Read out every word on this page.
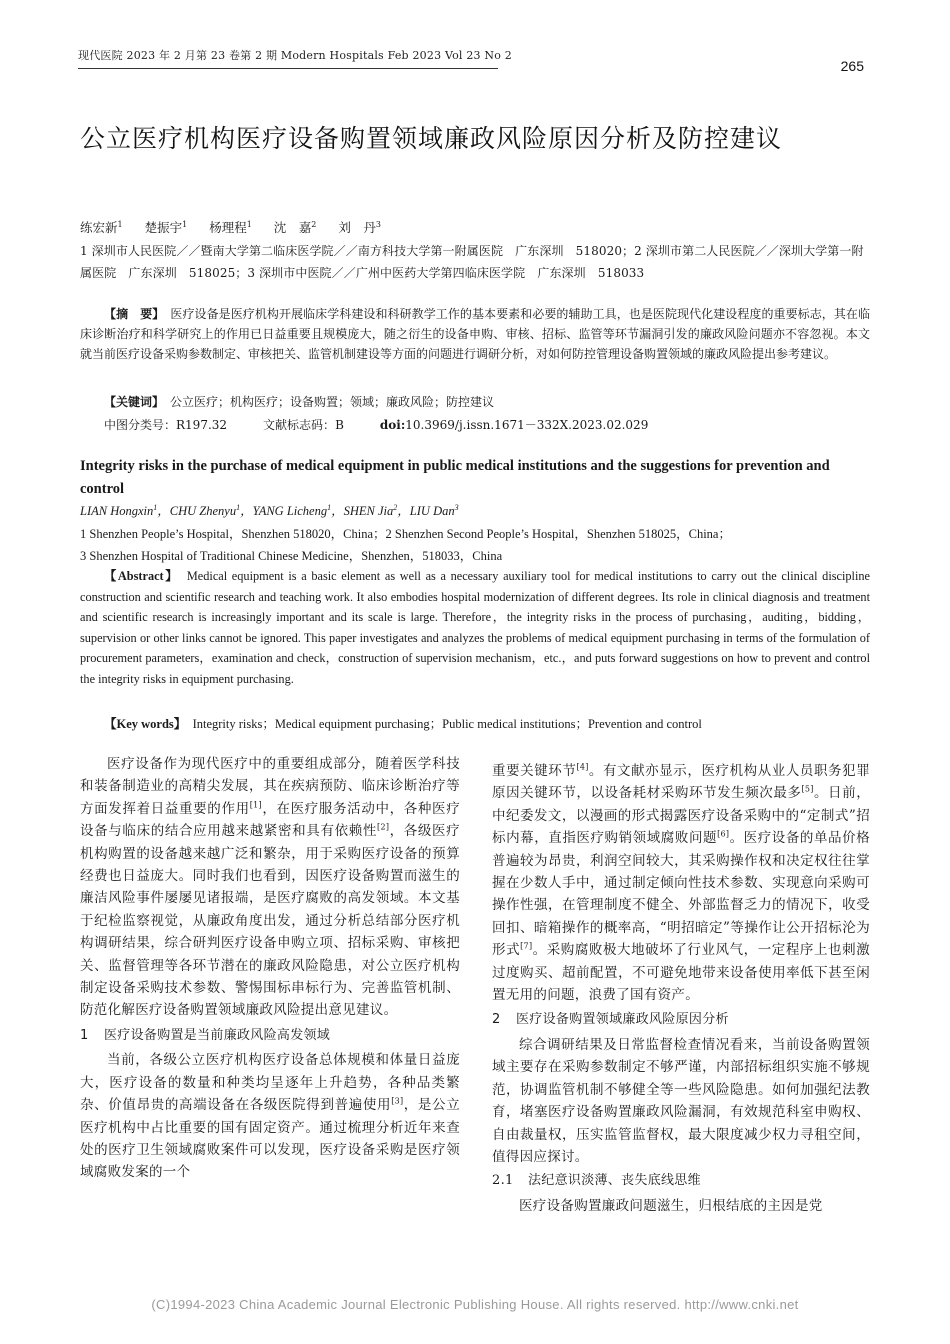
现代医院 2023 年 2 月第 23 卷第 2 期 Modern Hospitals Feb 2023 Vol 23 No 2
265
公立医疗机构医疗设备购置领域廉政风险原因分析及防控建议
练宏新$^1$ 楚振宇$^1$ 杨理程$^1$ 沈　嘉$^2$ 刘　丹$^3$
1 深圳市人民医院／／暨南大学第二临床医学院／／南方科技大学第一附属医院　广东深圳　518020；2 深圳市第二人民医院／／深圳大学第一附属医院　广东深圳　518025；3 深圳市中医院／／广州中医药大学第四临床医学院　广东深圳　518033
【摘　要】　 医疗设备是医疗机构开展临床学科建设和科研教学工作的基本要素和必要的辅助工具，也是医院现代化建设程度的重要标志，其在临床诊断治疗和科学研究上的作用已日益重要且规模庞大，随之衍生的设备申购、审核、招标、监管等环节漏洞引发的廉政风险问题亦不容忽视。本文就当前医疗设备采购参数制定、审核把关、监管机制建设等方面的问题进行调研分析，对如何防控管理设备购置领域的廉政风险提出参考建议。
【关键词】　 公立医疗；机构医疗；设备购置；领域；廉政风险；防控建议
中图分类号：R197.32	文献标志码：B	doi:10.3969/j.issn.1671－332X.2023.02.029
Integrity risks in the purchase of medical equipment in public medical institutions and the suggestions for prevention and control
LIAN Hongxin$^1$，CHU Zhenyu$^1$，YANG Licheng$^1$，SHEN Jia$^2$，LIU Dan$^3$
1 Shenzhen People’s Hospital，Shenzhen 518020，China；2 Shenzhen Second People’s Hospital，Shenzhen 518025，China；
3 Shenzhen Hospital of Traditional Chinese Medicine，Shenzhen，518033，China
【Abstract】　 Medical equipment is a basic element as well as a necessary auxiliary tool for medical institutions to carry out the clinical discipline construction and scientific research and teaching work. It also embodies hospital modernization of different degrees. Its role in clinical diagnosis and treatment and scientific research is increasingly important and its scale is large. Therefore，the integrity risks in the process of purchasing，auditing，bidding，supervision or other links cannot be ignored. This paper investigates and analyzes the problems of medical equipment purchasing in terms of the formulation of procurement parameters，examination and check，construction of supervision mechanism，etc.，and puts forward suggestions on how to prevent and control the integrity risks in equipment purchasing.
【Key words】　 Integrity risks；Medical equipment purchasing；Public medical institutions；Prevention and control

医疗设备作为现代医疗中的重要组成部分，随着医学科技和装备制造业的高精尖发展，其在疾病预防、临床诊断治疗等方面发挥着日益重要的作用[1]，在医疗服务活动中，各种医疗设备与临床的结合应用越来越紧密和具有依赖性[2]，各级医疗机构购置的设备越来越广泛和繁杂，用于采购医疗设备的预算经费也日益庞大。同时我们也看到，因医疗设备购置而滋生的廉洁风险事件屡屡见诸报端，是医疗腐败的高发领域。本文基于纪检监察视觉，从廉政角度出发，通过分析总结部分医疗机构调研结果，综合研判医疗设备申购立项、招标采购、审核把关、监督管理等各环节潜在的廉政风险隐患，对公立医疗机构制定设备采购技术参数、警惕围标串标行为、完善监管机制、防范化解医疗设备购置领域廉政风险提出意见建议。

1 医疗设备购置是当前廉政风险高发领域

当前，各级公立医疗机构医疗设备总体规模和体量日益庞大，医疗设备的数量和种类均呈逐年上升趋势，各种品类繁杂、价值昂贵的高端设备在各级医院得到普遍使用[3]，是公立医疗机构中占比重要的国有固定资产。通过梳理分析近年来查处的医疗卫生领域腐败案件可以发现，医疗设备采购是医疗领域腐败发案的一个

重要关键环节[4]。有文献亦显示，医疗机构从业人员职务犯罪原因关键环节，以设备耗材采购环节发生频次最多[5]。日前，中纪委发文，以漫画的形式揭露医疗设备采购中的“定制式”招标内幕，直指医疗购销领域腐败问题[6]。医疗设备的单品价格普遍较为昂贵，利润空间较大，其采购操作权和决定权往往掌握在少数人手中，通过制定倾向性技术参数、实现意向采购可操作性强，在管理制度不健全、外部监督乏力的情况下，收受回扣、暗箱操作的概率高，“明招暗定”等操作让公开招标沦为形式[7]。采购腐败极大地破坏了行业风气，一定程序上也刺激过度购买、超前配置，不可避免地带来设备使用率低下甚至闲置无用的问题，浪费了国有资产。

2 医疗设备购置领域廉政风险原因分析

综合调研结果及日常监督检查情况看来，当前设备购置领域主要存在采购参数制定不够严谨，内部招标组织实施不够规范，协调监管机制不够健全等一些风险隐患。如何加强纪法教育，堵塞医疗设备购置廉政风险漏洞，有效规范科室申购权、自由裁量权，压实监管监督权，最大限度减少权力寻租空间，值得因应探讨。

2.1 法纪意识淡薄、丧失底线思维

医疗设备购置廉政问题滋生，归根结底的主因是党

(C)1994-2023 China Academic Journal Electronic Publishing House. All rights reserved. http://www.cnki.net
